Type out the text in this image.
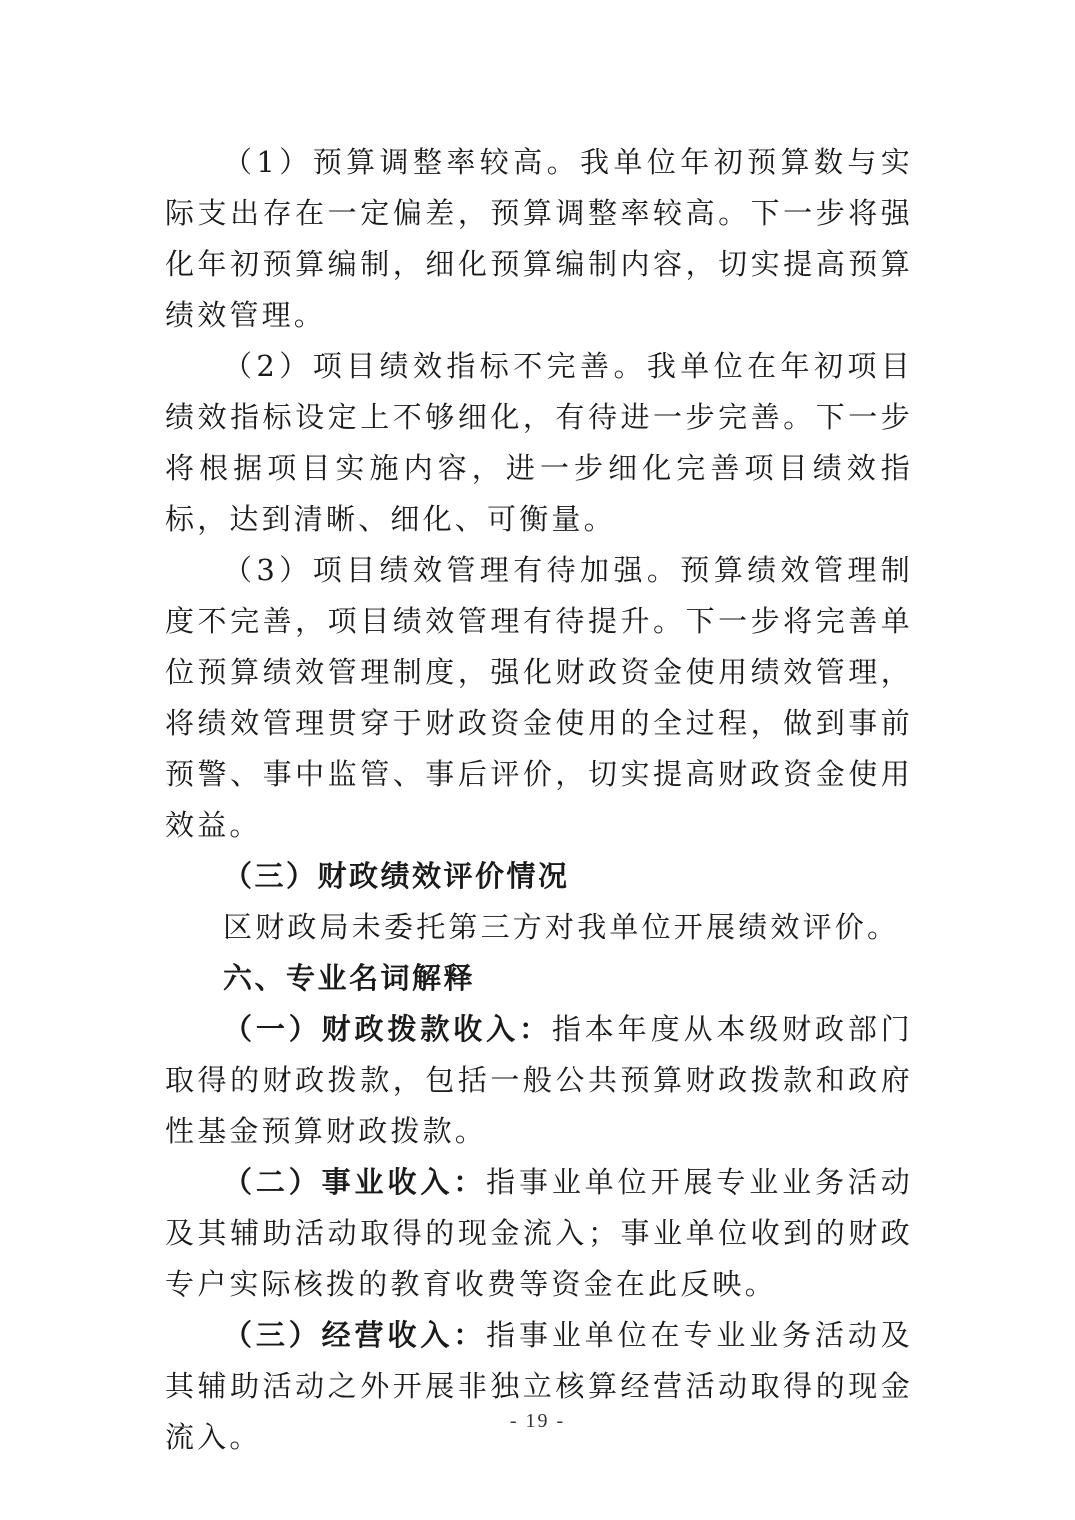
（1）预算调整率较高。我单位年初预算数与实际支出存在一定偏差，预算调整率较高。下一步将强化年初预算编制，细化预算编制内容，切实提高预算绩效管理。

（2）项目绩效指标不完善。我单位在年初项目绩效指标设定上不够细化，有待进一步完善。下一步将根据项目实施内容，进一步细化完善项目绩效指标，达到清晰、细化、可衡量。

（3）项目绩效管理有待加强。预算绩效管理制度不完善，项目绩效管理有待提升。下一步将完善单位预算绩效管理制度，强化财政资金使用绩效管理，将绩效管理贯穿于财政资金使用的全过程，做到事前预警、事中监管、事后评价，切实提高财政资金使用效益。

（三）财政绩效评价情况

区财政局未委托第三方对我单位开展绩效评价。

六、专业名词解释

（一）财政拨款收入：指本年度从本级财政部门取得的财政拨款，包括一般公共预算财政拨款和政府性基金预算财政拨款。

（二）事业收入：指事业单位开展专业业务活动及其辅助活动取得的现金流入；事业单位收到的财政专户实际核拨的教育收费等资金在此反映。

（三）经营收入：指事业单位在专业业务活动及其辅助活动之外开展非独立核算经营活动取得的现金流入。	- 19 -
